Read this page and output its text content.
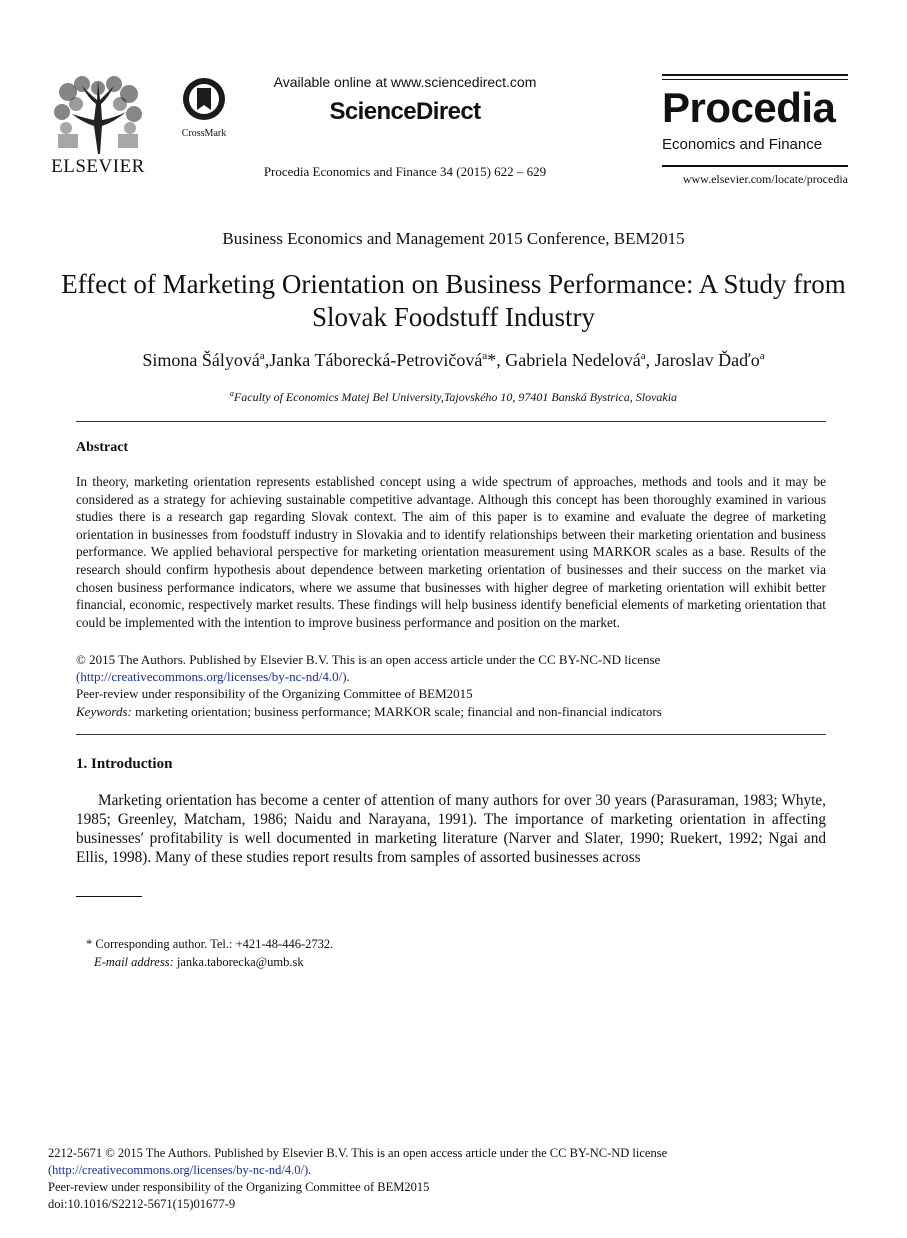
ELSEVIER
CrossMark
Available online at www.sciencedirect.com
ScienceDirect
Procedia Economics and Finance 34 (2015) 622 – 629
Procedia
Economics and Finance
www.elsevier.com/locate/procedia
Business Economics and Management 2015 Conference, BEM2015
Effect of Marketing Orientation on Business Performance: A Study from Slovak Foodstuff Industry
Simona Šályová$^a$,Janka Táborecká-Petrovičová$^a$*, Gabriela Nedelová$^a$, Jaroslav Ďaďo$^a$
$^a$Faculty of Economics Matej Bel University,Tajovského 10, 97401 Banská Bystrica, Slovakia
Abstract

In theory, marketing orientation represents established concept using a wide spectrum of approaches, methods and tools and it may be considered as a strategy for achieving sustainable competitive advantage. Although this concept has been thoroughly examined in various studies there is a research gap regarding Slovak context. The aim of this paper is to examine and evaluate the degree of marketing orientation in businesses from foodstuff industry in Slovakia and to identify relationships between their marketing orientation and business performance. We applied behavioral perspective for marketing orientation measurement using MARKOR scales as a base. Results of the research should confirm hypothesis about dependence between marketing orientation of businesses and their success on the market via chosen business performance indicators, where we assume that businesses with higher degree of marketing orientation will exhibit better financial, economic, respectively market results. These findings will help business identify beneficial elements of marketing orientation that could be implemented with the intention to improve business performance and position on the market.

© 2015 The Authors. Published by Elsevier B.V. This is an open access article under the CC BY-NC-ND license
(http://creativecommons.org/licenses/by-nc-nd/4.0/).
Peer-review under responsibility of the Organizing Committee of BEM2015
Keywords: marketing orientation; business performance; MARKOR scale; financial and non-financial indicators
1. Introduction

Marketing orientation has become a center of attention of many authors for over 30 years (Parasuraman, 1983; Whyte, 1985; Greenley, Matcham, 1986; Naidu and Narayana, 1991). The importance of marketing orientation in affecting businesses′ profitability is well documented in marketing literature (Narver and Slater, 1990; Ruekert, 1992; Ngai and Ellis, 1998). Many of these studies report results from samples of assorted businesses across

* Corresponding author. Tel.: +421-48-446-2732.
E-mail address: janka.taborecka@umb.sk
2212-5671 © 2015 The Authors. Published by Elsevier B.V. This is an open access article under the CC BY-NC-ND license
(http://creativecommons.org/licenses/by-nc-nd/4.0/).
Peer-review under responsibility of the Organizing Committee of BEM2015
doi:10.1016/S2212-5671(15)01677-9
